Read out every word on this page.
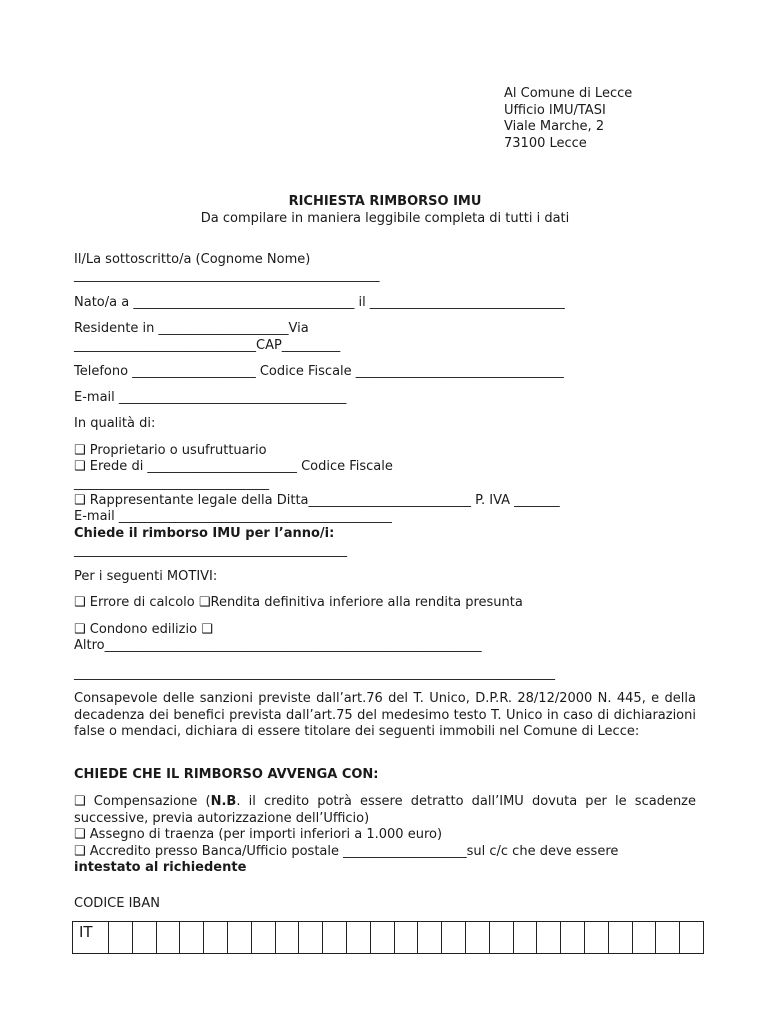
Al Comune di Lecce
Ufficio IMU/TASI
Viale Marche, 2
73100 Lecce
RICHIESTA RIMBORSO IMU
Da compilare in maniera leggibile completa di tutti i dati
Il/La sottoscritto/a (Cognome Nome)
_______________________________________________
Nato/a a __________________________________ il ______________________________
Residente in ____________________Via
____________________________CAP_________
Telefono ___________________ Codice Fiscale ________________________________
E-mail ___________________________________
In qualità di:
❑ Proprietario o usufruttuario
❑ Erede di _______________________ Codice Fiscale
______________________________
❑ Rappresentante legale della Ditta_________________________ P. IVA _______
E-mail __________________________________________
Chiede il rimborso IMU per l’anno/i:
__________________________________________
Per i seguenti MOTIVI:
❑ Errore di calcolo ❑Rendita definitiva inferiore alla rendita presunta
❑ Condono edilizio ❑
Altro__________________________________________________________
__________________________________________________________________________
Consapevole delle sanzioni previste dall’art.76 del T. Unico, D.P.R. 28/12/2000 N. 445, e della decadenza dei benefici prevista dall’art.75 del medesimo testo T. Unico in caso di dichiarazioni false o mendaci, dichiara di essere titolare dei seguenti immobili nel Comune di Lecce:
CHIEDE CHE IL RIMBORSO AVVENGA CON:
❑ Compensazione (N.B. il credito potrà essere detratto dall’IMU dovuta per le scadenze successive, previa autorizzazione dell’Ufficio)
❑ Assegno di traenza (per importi inferiori a 1.000 euro)
❑ Accredito presso Banca/Ufficio postale ___________________sul c/c che deve essere
intestato al richiedente
CODICE IBAN
IT																									
